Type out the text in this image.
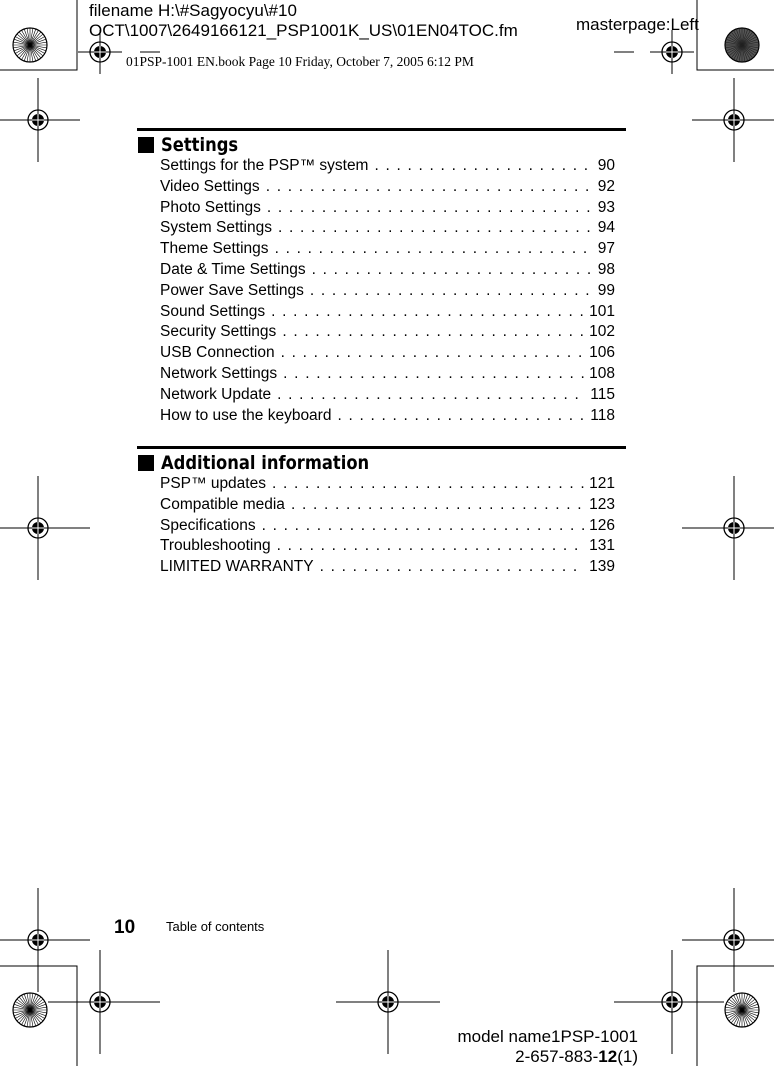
filename H:\#Sagyocyu\#10
OCT\1007\2649166121_PSP1001K_US\01EN04TOC.fm	masterpage:Left
01PSP-1001 EN.book Page 10 Friday, October 7, 2005 6:12 PM
Settings
Settings for the PSP™ system . . .	90
Video Settings . . .	92
Photo Settings . . .	93
System Settings . . .	94
Theme Settings . . .	97
Date & Time Settings . . .	98
Power Save Settings . . .	99
Sound Settings . . .	101
Security Settings . . .	102
USB Connection . . .	106
Network Settings . . .	108
Network Update . . .	115
How to use the keyboard . . .	118
Additional information
PSP™ updates . . .	121
Compatible media . . .	123
Specifications . . .	126
Troubleshooting . . .	131
LIMITED WARRANTY . . .	139
10 Table of contents
model name1PSP-1001
2-657-883-12(1)
